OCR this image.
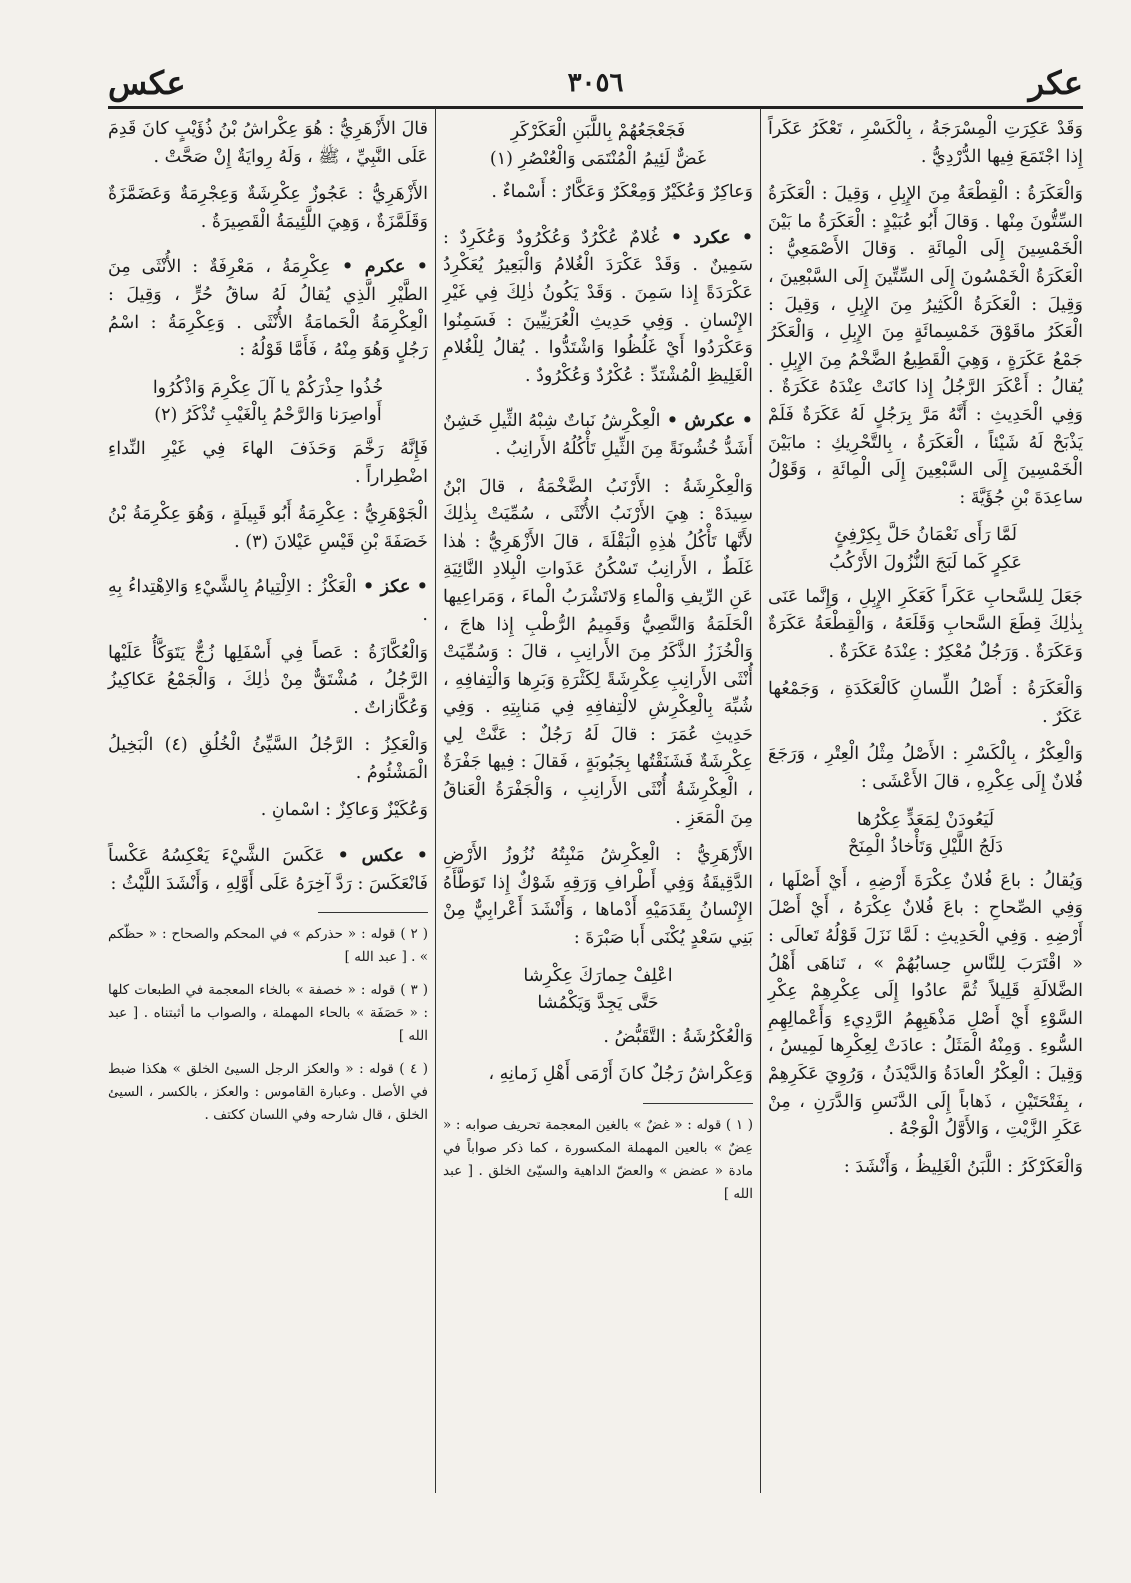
عكر
٣٠٥٦
عكس

وَقَدْ عَكِرَتِ الْمِسْرَجَةُ ، بِالْكَسْرِ ، تَعْكَرُ عَكَراً إِذا اجْتَمَعَ فِيها الدُّرْدِيُّ .

وَالْعَكَرَةُ : الْقِطْعَةُ مِنَ الإِبِلِ ، وَقِيلَ : الْعَكَرَةُ السِّتُّونَ مِنْها . وَقالَ أَبُو عُبَيْدٍ : الْعَكَرَةُ ما بَيْنَ الْخَمْسِينَ إِلَى الْمِائَةِ . وَقالَ الأَصْمَعِيُّ : الْعَكَرَةُ الْخَمْسُونَ إِلَى السِّتِّينَ إِلَى السَّبْعِينَ ، وَقِيلَ : الْعَكَرَةُ الْكَثِيرُ مِنَ الإِبِلِ ، وَقِيلَ : الْعَكَرُ ماقَوْقَ خَمْسِمائَةٍ مِنَ الإِبِلِ ، وَالْعَكَرُ جَمْعُ عَكَرَةٍ ، وَهِيَ الْقَطِيعُ الضَّخْمُ مِنَ الإِبِلِ . يُقالُ : أَعْكَرَ الرَّجُلُ إِذا كانَتْ عِنْدَهُ عَكَرَةٌ . وَفِي الْحَدِيثِ : أَنَّهُ مَرَّ بِرَجُلٍ لَهُ عَكَرَةٌ فَلَمْ يَذْبَحْ لَهُ شَيْئاً ، الْعَكَرَةُ ، بِالتَّحْرِيكِ : مابَيْنَ الْخَمْسِينَ إِلَى السَّبْعِينَ إِلَى الْمِائَةِ ، وَقَوْلُ ساعِدَةَ بْنِ جُؤَيَّةَ :

لَمَّا رَأَى نَعْمَانُ حَلَّ بِكِرْفِئٍ
عَكِرٍ كَما لَبَجَ النُّزُولَ الأَرْكُبُ

جَعَلَ لِلسَّحابِ عَكَراً كَعَكَرِ الإِبِلِ ، وَإِنَّما عَنَى بِذٰلِكَ قِطَعَ السَّحابِ وَقَلَعَهُ ، وَالْقِطْعَةُ عَكَرَةٌ وَعَكَرَةٌ . وَرَجُلٌ مُعْكِرٌ : عِنْدَهُ عَكَرَةٌ .

وَالْعَكَرَةُ : أَصْلُ اللِّسانِ كَالْعَكَدَةِ ، وَجَمْعُها عَكَرٌ .

وَالْعِكْرُ ، بِالْكَسْرِ : الأَصْلُ مِثْلُ الْعِتْرِ ، وَرَجَعَ فُلانٌ إِلَى عِكْرِهِ ، قالَ الأَعْشَى :

لَيَعُودَنْ لِمَعَدٍّ عِكْرُها
دَلَجُ اللَّيْلِ وَتَأْخاذُ الْمِنَحْ

وَيُقالُ : باعَ فُلانٌ عِكْرَةَ أَرْضِهِ ، أَيْ أَصْلَها ، وَفِي الصِّحاحِ : باعَ فُلانٌ عِكْرَهُ ، أَيْ أَصْلَ أَرْضِهِ . وَفِي الْحَدِيثِ : لَمَّا نَزَلَ قَوْلُهُ تَعالَى : « اقْتَرَبَ لِلنَّاسِ حِسابُهُمْ » ، تَناهَى أَهْلُ الضَّلالَةِ قَلِيلاً ثُمَّ عادُوا إِلَى عِكْرِهِمْ عِكْرِ السَّوْءِ أَيْ أَصْلِ مَذْهَبِهِمُ الرَّدِيءِ وَأَعْمالِهِمِ السُّوءِ . وَمِنْهُ الْمَثَلُ : عادَتْ لِعِكْرِها لَمِيسُ ، وَقِيلَ : الْعِكْرُ الْعادَةُ وَالدَّيْدَنُ ، وَرُوِيَ عَكَرِهِمْ ، بِفَتْحَتَيْنِ ، ذَهاباً إِلَى الدَّنَسِ وَالدَّرَنِ ، مِنْ عَكَرِ الزَّيْتِ ، وَالأَوَّلُ الْوَجْهُ .

وَالْعَكَرْكَرُ : اللَّبَنُ الْغَلِيظُ ، وَأَنْشَدَ :

فَجَعْجَعُهُمْ بِاللَّبَنِ الْعَكَرْكَرِ
غَضٌّ لَئِيمُ الْمُنْتَمَى وَالْعُنْصُرِ (١)

وَعاكِرٌ وَعُكَيْرٌ وَمِعْكَرٌ وَعَكَّارٌ : أَسْماءٌ .

• عكرد • غُلامٌ عُكْرُدٌ وَعُكْرُودٌ وَعُكَرِدٌ : سَمِينٌ . وَقَدْ عَكْرَدَ الْغُلامُ وَالْبَعِيرُ يُعَكْرِدُ عَكْرَدَةً إِذا سَمِنَ . وَقَدْ يَكُونُ ذٰلِكَ فِي غَيْرِ الإِنْسانِ . وَفِي حَدِيثِ الْعُرَنِيِّينَ : فَسَمِنُوا وَعَكْرَدُوا أَيْ غَلُظُوا وَاشْتَدُّوا . يُقالُ لِلْغُلامِ الْغَلِيظِ الْمُشْتَدِّ : عُكْرُدٌ وَعُكْرُودٌ .

• عكرش • الْعِكْرِشُ نَباتٌ شِبْهُ الثِّيلِ خَشِنٌ أَشَدُّ خُشُونَةً مِنَ الثِّيلِ تَأْكُلُهُ الأَرانِبُ .

وَالْعِكْرِشَةُ : الأَرْنَبُ الضَّخْمَةُ ، قالَ ابْنُ سِيدَهْ : هِيَ الأَرْنَبُ الأُنْثَى ، سُمِّيَتْ بِذٰلِكَ لأَنَّها تَأْكُلُ هٰذِهِ الْبَقْلَةَ ، قالَ الأَزْهَرِيُّ : هٰذا غَلَطٌ ، الأَرانِبُ تَسْكُنُ عَذَواتِ الْبِلادِ النَّائِيَةِ عَنِ الرِّيفِ وَالْماءِ وَلاتَشْرَبُ الْماءَ ، وَمَراعِيها الْحَلَمَةُ وَالنَّصِيُّ وَقَمِيمُ الرُّطْبِ إِذا هاجَ ، وَالْخُزَزُ الذَّكَرُ مِنَ الأَرانِبِ ، قالَ : وَسُمِّيَتْ أُنْثَى الأَرانِبِ عِكْرِشَةً لِكَثْرَةِ وَبَرِها وَالْتِفافِهِ ، شُبِّهَ بِالْعِكْرِشِ لالْتِفافِهِ فِي مَنابِتِهِ . وَفِي حَدِيثِ عُمَرَ : قالَ لَهُ رَجُلٌ : عَنَّتْ لِي عِكْرِشَةٌ فَشَنَقْتُها بِجَبُوبَةٍ ، فَقالَ : فِيها جَفْرَةٌ ، الْعِكْرِشَةُ أُنْثَى الأَرانِبِ ، وَالْجَفْرَةُ الْعَناقُ مِنَ الْمَعَزِ .

الأَزْهَرِيُّ : الْعِكْرِشُ مَنْبِتُهُ نُزُوزُ الأَرْضِ الدَّقِيقَةُ وَفِي أَطْرافِ وَرَقِهِ شَوْكٌ إِذا تَوَطَّأَهُ الإِنْسانُ بِقَدَمَيْهِ أَدْماها ، وَأَنْشَدَ أَعْرابِيٌّ مِنْ بَنِي سَعْدٍ يُكْنَى أَبا صَبْرَةَ :

اعْلِفْ حِمارَكَ عِكْرِشا
حَتَّى يَجِدَّ وَيَكْمُشا

وَالْعُكْرُشَةُ : التَّقَبُّضُ .

وَعِكْراشُ رَجُلٌ كانَ أَرْمَى أَهْلِ زَمانِهِ ،

( ١ ) قوله : « غضٌ » بالغين المعجمة تحريف صوابه : « عِضٌ » بالعين المهملة المكسورة ، كما ذكر صواباً في مادة « عضض » والعضّ الداهية والسيّئ الخلق . [ عبد الله ]

قالَ الأَزْهَرِيُّ : هُوَ عِكْراشُ بْنُ ذُؤَيْبٍ كانَ قَدِمَ عَلَى النَّبِيِّ ، ﷺ ، وَلَهُ رِوايَةٌ إِنْ صَحَّتْ .

الأَزْهَرِيُّ : عَجُوزٌ عِكْرِشَةٌ وَعِجْرِمَةٌ وَعَضَمَّزَةٌ وَقَلَمَّزَةٌ ، وَهِيَ اللَّئِيمَةُ الْقَصِيرَةُ .

• عكرم • عِكْرِمَةُ ، مَعْرِفَةٌ : الأُنْثَى مِنَ الطَّيْرِ الَّذِي يُقالُ لَهُ ساقُ حُرٍّ ، وَقِيلَ : الْعِكْرِمَةُ الْحَمامَةُ الأُنْثَى . وَعِكْرِمَةُ : اسْمُ رَجُلٍ وَهُوَ مِنْهُ ، فَأَمَّا قَوْلُهُ :

خُذُوا حِذْرَكُمْ يا آلَ عِكْرِمَ وَاذْكُرُوا
أَواصِرَنا وَالرَّحْمُ بِالْغَيْبِ تُذْكَرُ (٢)

فَإِنَّهُ رَخَّمَ وَحَذَفَ الهاءَ فِي غَيْرِ النِّداءِ اضْطِراراً .

الْجَوْهَرِيُّ : عِكْرِمَةُ أَبُو قَبِيلَةٍ ، وَهُوَ عِكْرِمَةُ بْنُ خَصَفَةَ بْنِ قَيْسِ عَيْلانَ (٣) .

• عكز • الْعَكْزُ : الاِلْتِيامُ بِالشَّيْءِ وَالاِهْتِداءُ بِهِ .

وَالْعُكَّازَةُ : عَصاً فِي أَسْفَلِها زُجٌّ يَتَوَكَّأُ عَلَيْها الرَّجُلُ ، مُشْتَقٌّ مِنْ ذٰلِكَ ، وَالْجَمْعُ عَكاكِيزُ وَعُكَّازاتٌ .

وَالْعَكِزُ : الرَّجُلُ السَّيِّئُ الْخُلُقِ (٤) الْبَخِيلُ الْمَشْئُومُ .

وَعُكَيْزٌ وَعاكِزٌ : اسْمانِ .

• عكس • عَكَسَ الشَّيْءَ يَعْكِسُهُ عَكْساً فَانْعَكَسَ : رَدَّ آخِرَهُ عَلَى أَوَّلِهِ ، وَأَنْشَدَ اللَّيْثُ :

( ٢ ) قوله : « حذركم » في المحكم والصحاح : « حظّكم » . [ عبد الله ]

( ٣ ) قوله : « خصفة » بالخاء المعجمة في الطبعات كلها : « حَصَفَة » بالحاء المهملة ، والصواب ما أثبتناه . [ عبد الله ]

( ٤ ) قوله : « والعكز الرجل السيئ الخلق » هكذا ضبط في الأصل . وعبارة القاموس : والعكز ، بالكسر ، السيئ الخلق ، قال شارحه وفي اللسان ككتف .
